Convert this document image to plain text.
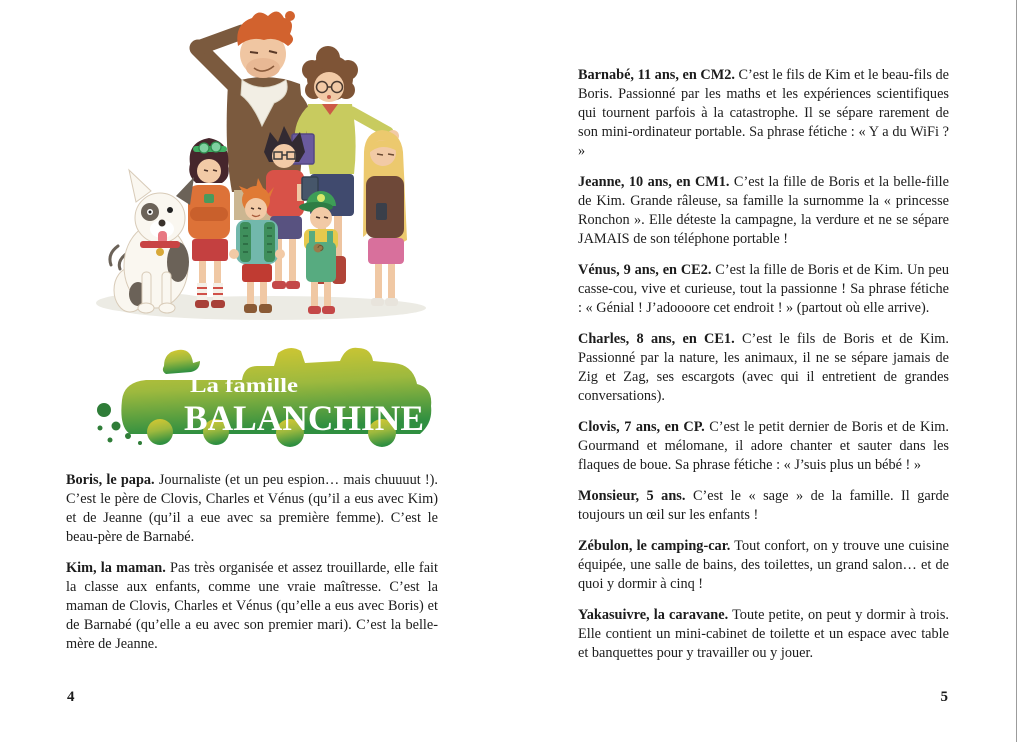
La famille
BALANCHINE

Boris, le papa. Journaliste (et un peu espion… mais chuuuut !). C’est le père de Clovis, Charles et Vénus (qu’il a eus avec Kim) et de Jeanne (qu’il a eue avec sa première femme). C’est le beau-père de Barnabé.

Kim, la maman. Pas très organisée et assez trouillarde, elle fait la classe aux enfants, comme une vraie maîtresse. C’est la maman de Clovis, Charles et Vénus (qu’elle a eus avec Boris) et de Barnabé (qu’elle a eu avec son premier mari). C’est la belle-mère de Jeanne.

Barnabé, 11 ans, en CM2. C’est le fils de Kim et le beau-fils de Boris. Passionné par les maths et les expériences scientifiques qui tournent parfois à la catastrophe. Il se sépare rarement de son mini-ordinateur portable. Sa phrase fétiche : « Y a du WiFi ? »

Jeanne, 10 ans, en CM1. C’est la fille de Boris et la belle-fille de Kim. Grande râleuse, sa famille la surnomme la « princesse Ronchon ». Elle déteste la campagne, la verdure et ne se sépare JAMAIS de son téléphone portable !

Vénus, 9 ans, en CE2. C’est la fille de Boris et de Kim. Un peu casse-cou, vive et curieuse, tout la passionne ! Sa phrase fétiche : « Génial ! J’adoooore cet endroit ! » (partout où elle arrive).

Charles, 8 ans, en CE1. C’est le fils de Boris et de Kim. Passionné par la nature, les animaux, il ne se sépare jamais de Zig et Zag, ses escargots (avec qui il entretient de grandes conversations).

Clovis, 7 ans, en CP. C’est le petit dernier de Boris et de Kim. Gourmand et mélomane, il adore chanter et sauter dans les flaques de boue. Sa phrase fétiche : « J’suis plus un bébé ! »

Monsieur, 5 ans. C’est le « sage » de la famille. Il garde toujours un œil sur les enfants !

Zébulon, le camping-car. Tout confort, on y trouve une cuisine équipée, une salle de bains, des toilettes, un grand salon… et de quoi y dormir à cinq !

Yakasuivre, la caravane. Toute petite, on peut y dormir à trois. Elle contient un mini-cabinet de toilette et un espace avec table et banquettes pour y travailler ou y jouer.

4	5
